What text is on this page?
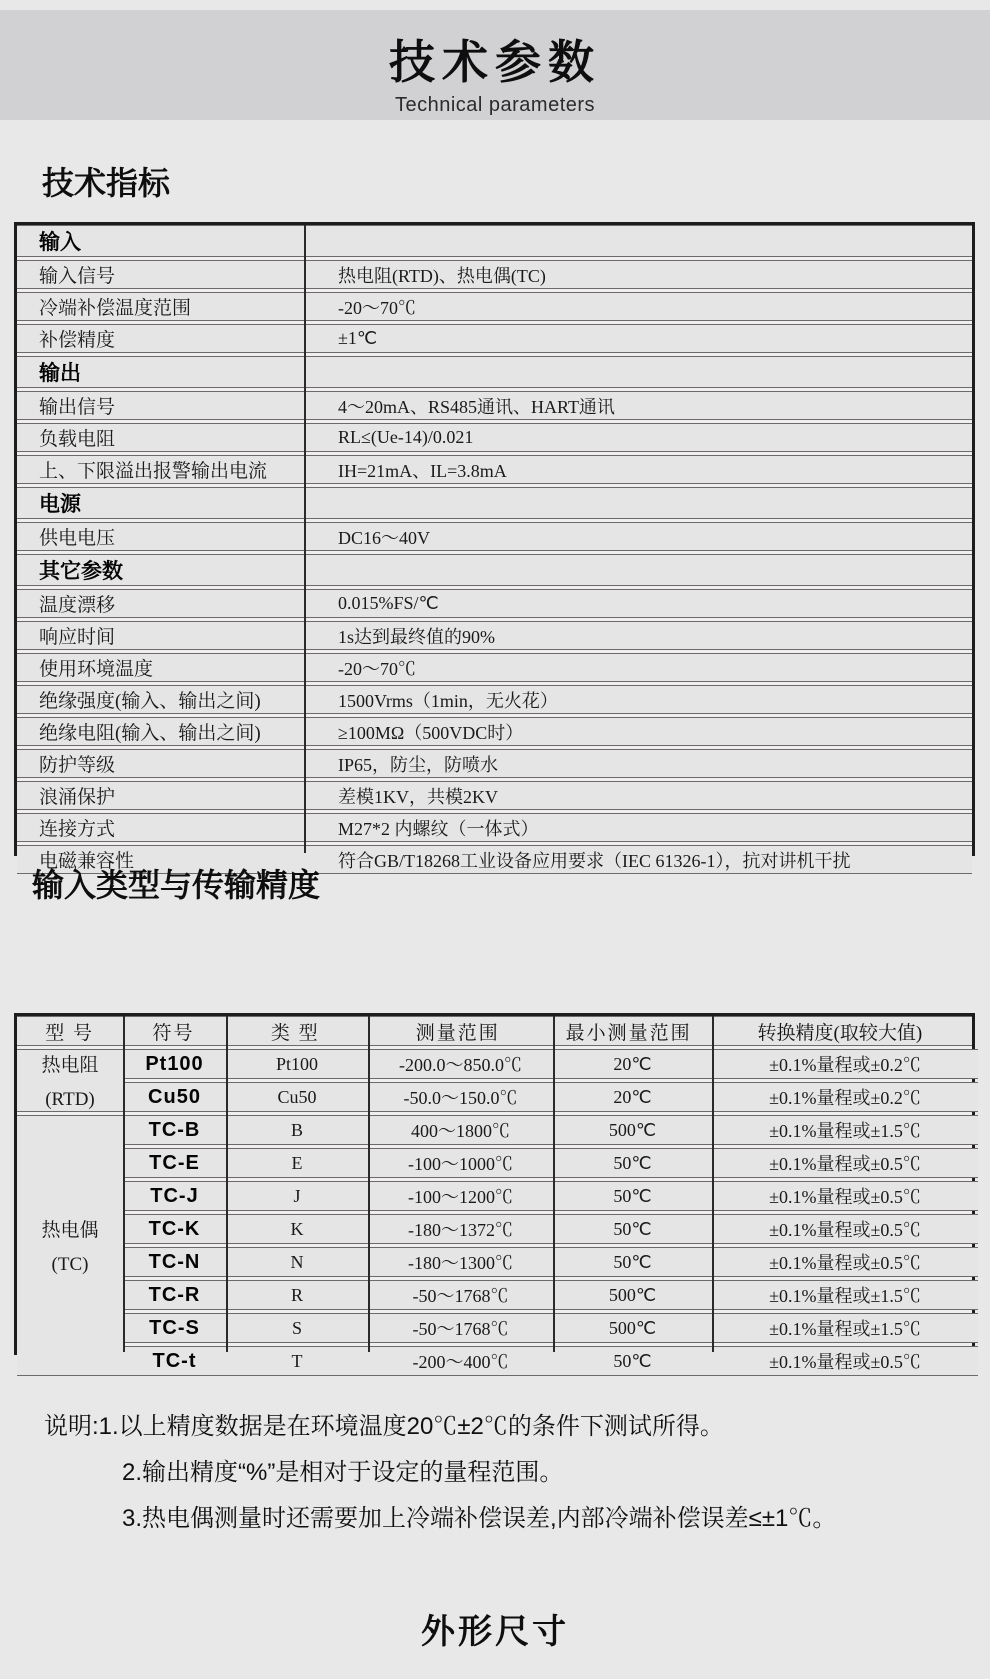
技术参数

Technical parameters

技术指标
输入
输入信号	热电阻(RTD)、热电偶(TC)
冷端补偿温度范围	-20～70℃
补偿精度	±1℃
输出
输出信号	4～20mA、RS485通讯、HART通讯
负载电阻	RL≤(Ue-14)/0.021
上、下限溢出报警输出电流	IH=21mA、IL=3.8mA
电源
供电电压	DC16～40V
其它参数
温度漂移	0.015%FS/℃
响应时间	1s达到最终值的90%
使用环境温度	-20～70℃
绝缘强度(输入、输出之间)	1500Vrms（1min，无火花）
绝缘电阻(输入、输出之间)	≥100MΩ（500VDC时）
防护等级	IP65，防尘，防喷水
浪涌保护	差模1KV，共模2KV
连接方式	M27*2 内螺纹（一体式）
电磁兼容性	符合GB/T18268工业设备应用要求（IEC 61326-1），抗对讲机干扰
输入类型与传输精度
型 号	符号	类 型	测量范围	最小测量范围	转换精度(取较大值)
热电阻
(RTD)
Pt100	Pt100	-200.0～850.0℃	20℃	±0.1%量程或±0.2℃
Cu50	Cu50	-50.0～150.0℃	20℃	±0.1%量程或±0.2℃
热电偶
(TC)
TC-B	B	400～1800℃	500℃	±0.1%量程或±1.5℃
TC-E	E	-100～1000℃	50℃	±0.1%量程或±0.5℃
TC-J	J	-100～1200℃	50℃	±0.1%量程或±0.5℃
TC-K	K	-180～1372℃	50℃	±0.1%量程或±0.5℃
TC-N	N	-180～1300℃	50℃	±0.1%量程或±0.5℃
TC-R	R	-50～1768℃	500℃	±0.1%量程或±1.5℃
TC-S	S	-50～1768℃	500℃	±0.1%量程或±1.5℃
TC-t	T	-200～400℃	50℃	±0.1%量程或±0.5℃
说明:1.以上精度数据是在环境温度20℃±2℃的条件下测试所得。
2.输出精度“%”是相对于设定的量程范围。
3.热电偶测量时还需要加上冷端补偿误差,内部冷端补偿误差≤±1℃。
外形尺寸
